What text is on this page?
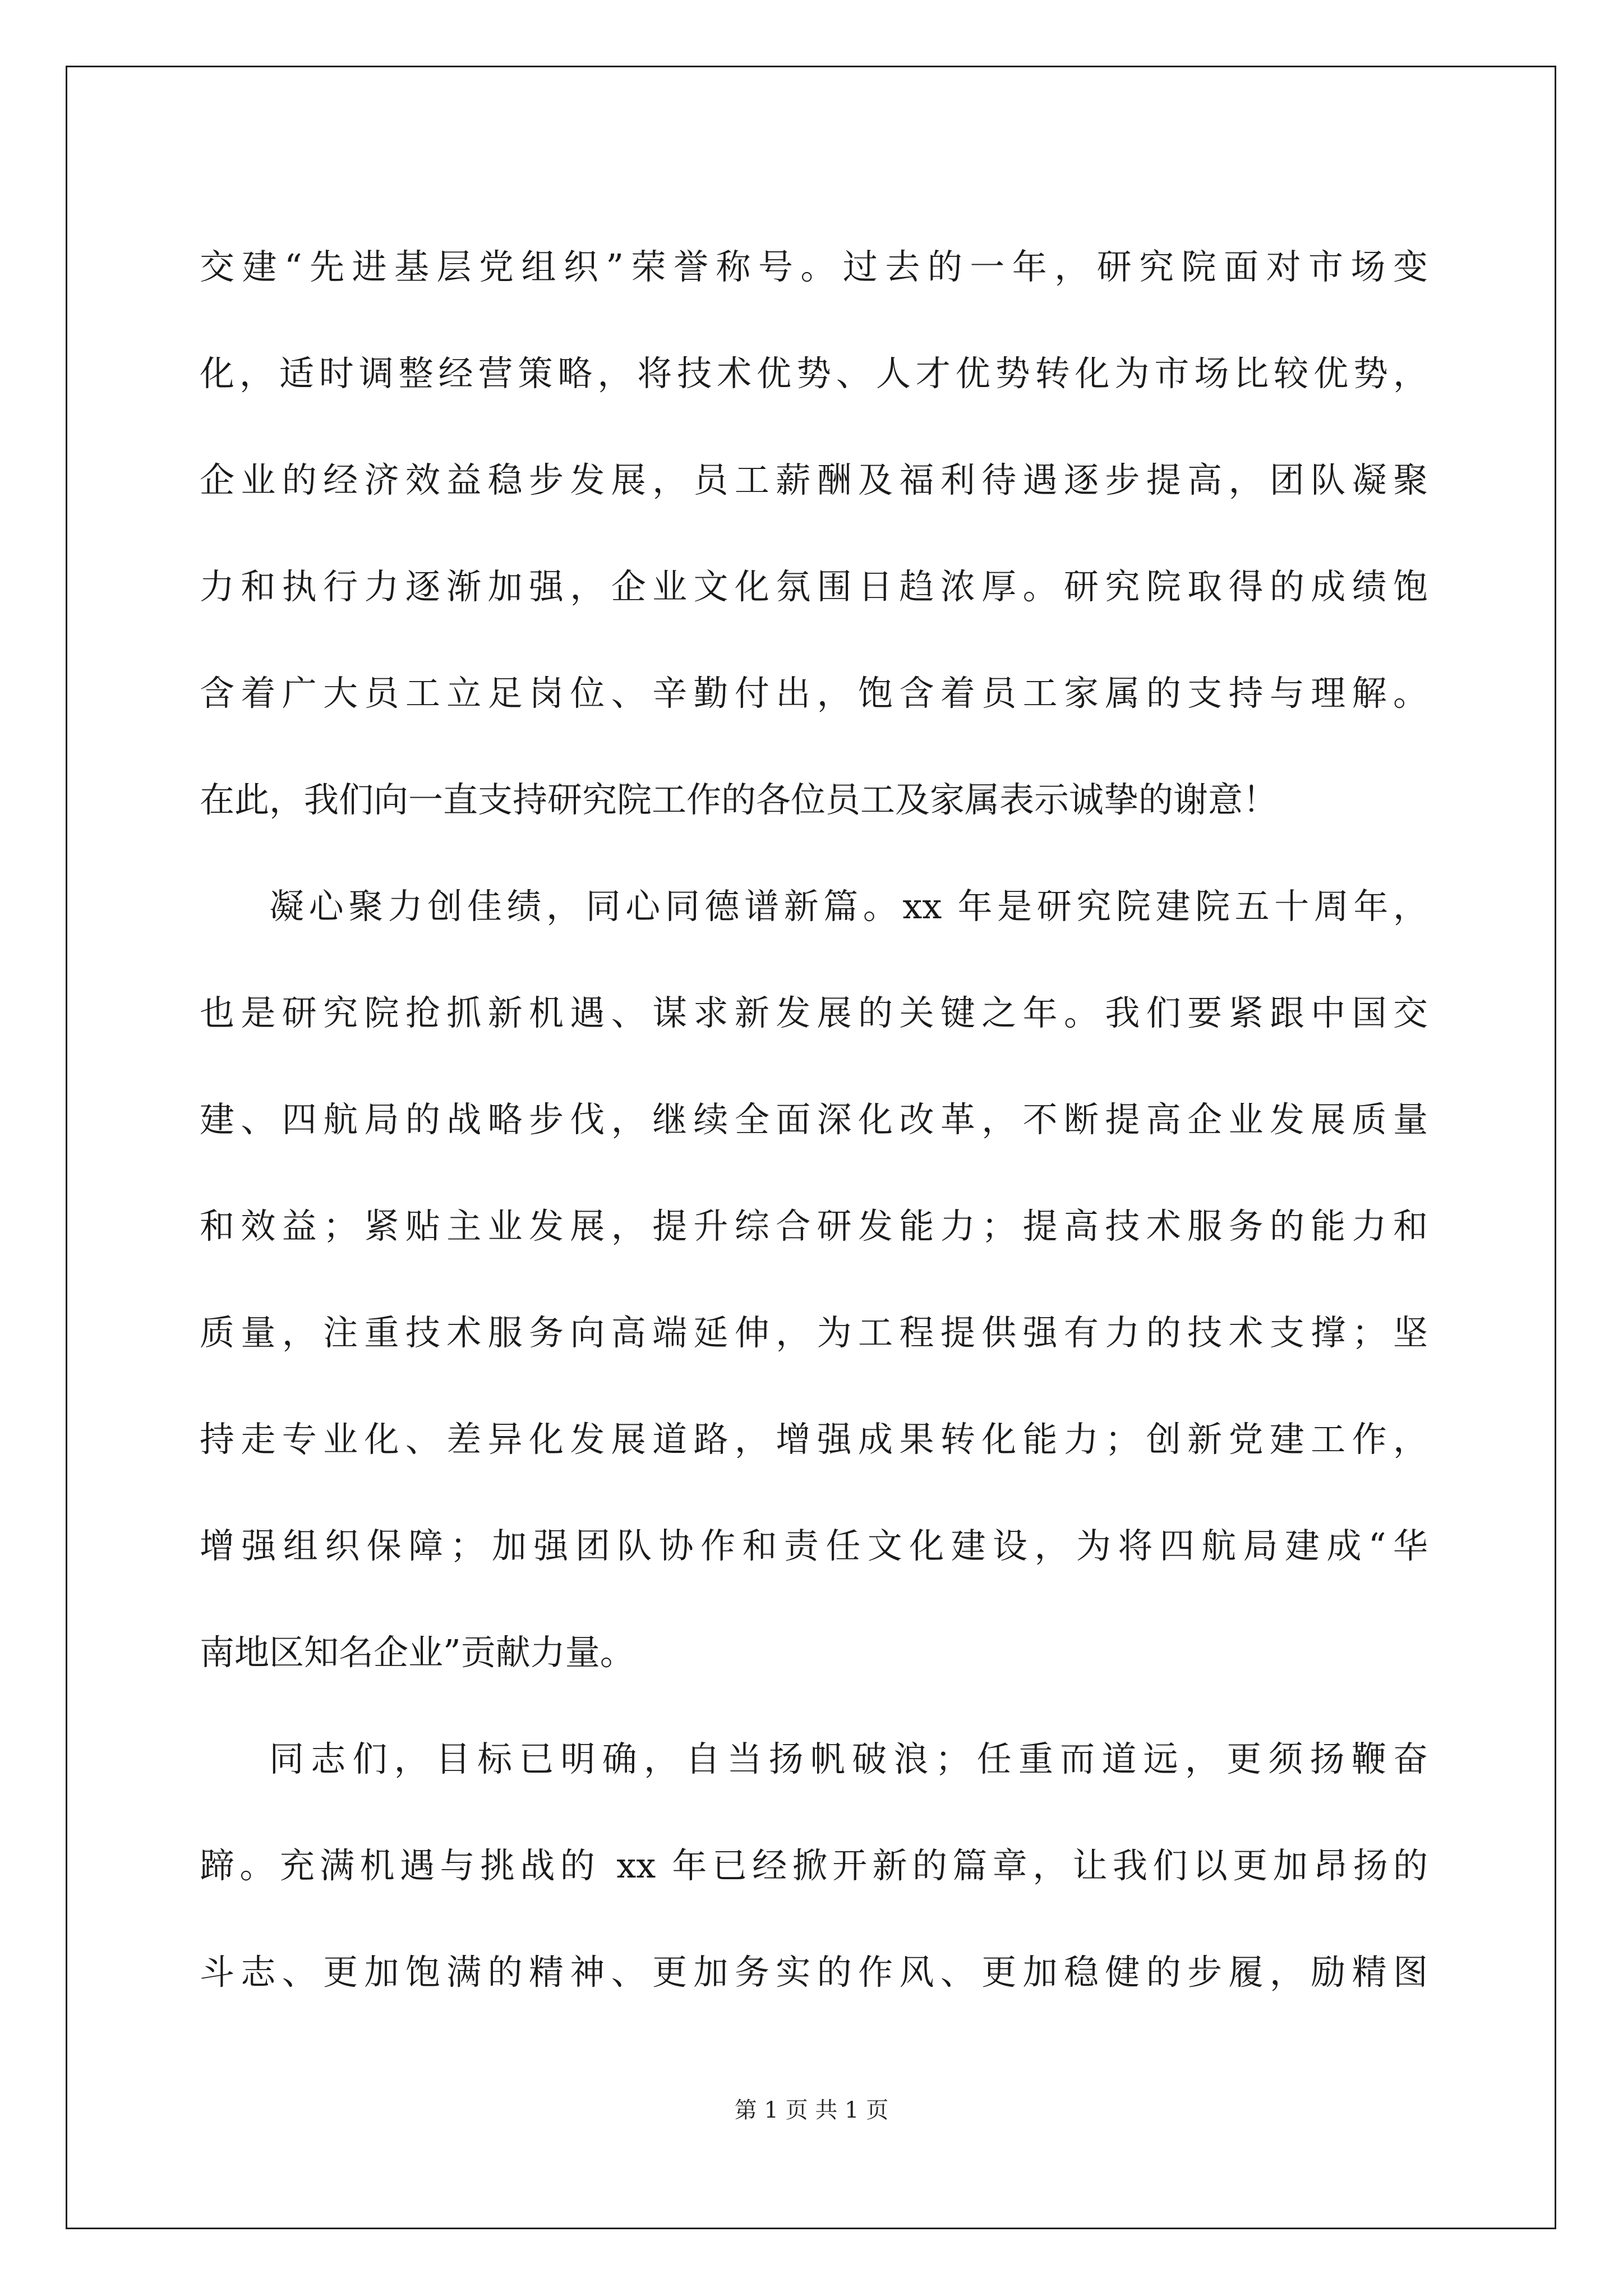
交建“先进基层党组织”荣誉称号。过去的一年，研究院面对市场变
化，适时调整经营策略，将技术优势、人才优势转化为市场比较优势，
企业的经济效益稳步发展，员工薪酬及福利待遇逐步提高，团队凝聚
力和执行力逐渐加强，企业文化氛围日趋浓厚。研究院取得的成绩饱
含着广大员工立足岗位、辛勤付出，饱含着员工家属的支持与理解。
在此，我们向一直支持研究院工作的各位员工及家属表示诚挚的谢意！
凝心聚力创佳绩，同心同德谱新篇。xx 年是研究院建院五十周年，
也是研究院抢抓新机遇、谋求新发展的关键之年。我们要紧跟中国交
建、四航局的战略步伐，继续全面深化改革，不断提高企业发展质量
和效益；紧贴主业发展，提升综合研发能力；提高技术服务的能力和
质量，注重技术服务向高端延伸，为工程提供强有力的技术支撑；坚
持走专业化、差异化发展道路，增强成果转化能力；创新党建工作，
增强组织保障；加强团队协作和责任文化建设，为将四航局建成“华
南地区知名企业”贡献力量。
同志们，目标已明确，自当扬帆破浪；任重而道远，更须扬鞭奋
蹄。充满机遇与挑战的 xx 年已经掀开新的篇章，让我们以更加昂扬的
斗志、更加饱满的精神、更加务实的作风、更加稳健的步履，励精图
第 1 页 共 1 页
